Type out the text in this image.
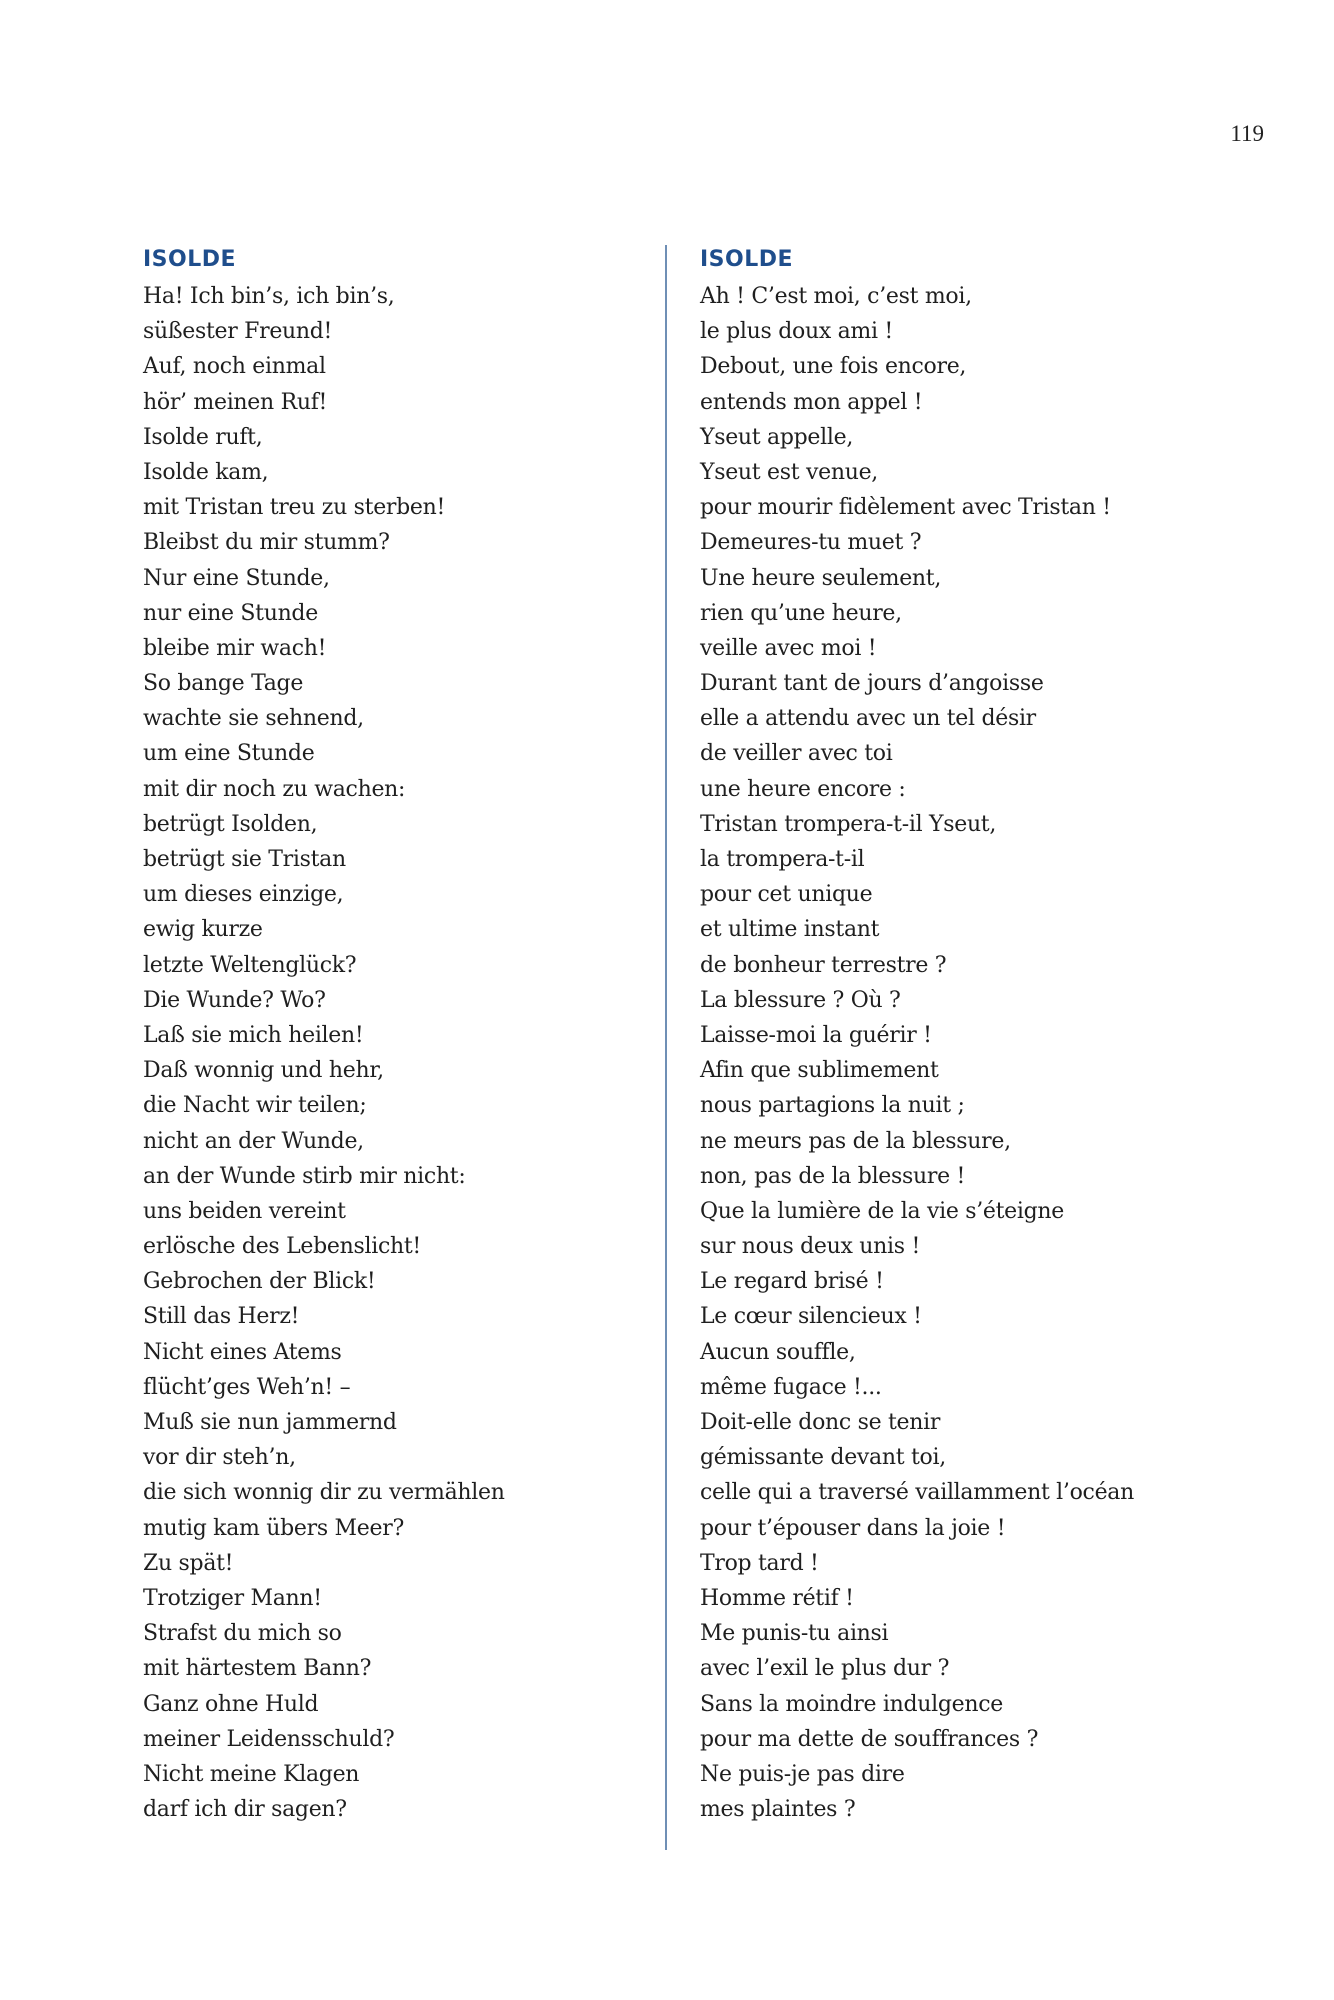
119
ISOLDE
Ha! Ich bin’s, ich bin’s,
süßester Freund!
Auf, noch einmal
hör’ meinen Ruf!
Isolde ruft,
Isolde kam,
mit Tristan treu zu sterben!
Bleibst du mir stumm?
Nur eine Stunde,
nur eine Stunde
bleibe mir wach!
So bange Tage
wachte sie sehnend,
um eine Stunde
mit dir noch zu wachen:
betrügt Isolden,
betrügt sie Tristan
um dieses einzige,
ewig kurze
letzte Weltenglück?
Die Wunde? Wo?
Laß sie mich heilen!
Daß wonnig und hehr,
die Nacht wir teilen;
nicht an der Wunde,
an der Wunde stirb mir nicht:
uns beiden vereint
erlösche des Lebenslicht!
Gebrochen der Blick!
Still das Herz!
Nicht eines Atems
flücht’ges Weh’n! –
Muß sie nun jammernd
vor dir steh’n,
die sich wonnig dir zu vermählen
mutig kam übers Meer?
Zu spät!
Trotziger Mann!
Strafst du mich so
mit härtestem Bann?
Ganz ohne Huld
meiner Leidensschuld?
Nicht meine Klagen
darf ich dir sagen?
ISOLDE
Ah ! C’est moi, c’est moi,
le plus doux ami !
Debout, une fois encore,
entends mon appel !
Yseut appelle,
Yseut est venue,
pour mourir fidèlement avec Tristan !
Demeures-tu muet ?
Une heure seulement,
rien qu’une heure,
veille avec moi !
Durant tant de jours d’angoisse
elle a attendu avec un tel désir
de veiller avec toi
une heure encore :
Tristan trompera-t-il Yseut,
la trompera-t-il
pour cet unique
et ultime instant
de bonheur terrestre ?
La blessure ? Où ?
Laisse-moi la guérir !
Afin que sublimement
nous partagions la nuit ;
ne meurs pas de la blessure,
non, pas de la blessure !
Que la lumière de la vie s’éteigne
sur nous deux unis !
Le regard brisé !
Le cœur silencieux !
Aucun souffle,
même fugace !...
Doit-elle donc se tenir
gémissante devant toi,
celle qui a traversé vaillamment l’océan
pour t’épouser dans la joie !
Trop tard !
Homme rétif !
Me punis-tu ainsi
avec l’exil le plus dur ?
Sans la moindre indulgence
pour ma dette de souffrances ?
Ne puis-je pas dire
mes plaintes ?
